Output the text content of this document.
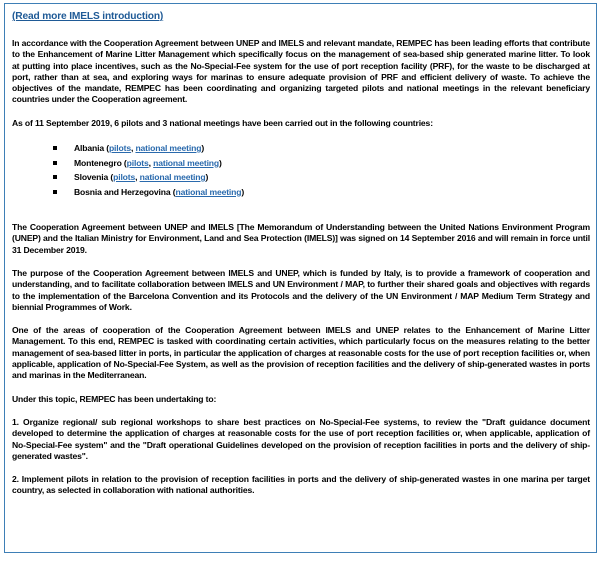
(Read more IMELS introduction)

In accordance with the Cooperation Agreement between UNEP and IMELS and relevant mandate, REMPEC has been leading efforts that contribute to the Enhancement of Marine Litter Management which specifically focus on the management of sea-based ship generated marine litter. To look at putting into place incentives, such as the No-Special-Fee system for the use of port reception facility (PRF), for the waste to be discharged at port, rather than at sea, and exploring ways for marinas to ensure adequate provision of PRF and efficient delivery of waste. To achieve the objectives of the mandate, REMPEC has been coordinating and organizing targeted pilots and national meetings in the relevant beneficiary countries under the Cooperation agreement.

As of 11 September 2019, 6 pilots and 3 national meetings have been carried out in the following countries:

Albania (pilots, national meeting)
Montenegro (pilots, national meeting)
Slovenia (pilots, national meeting)
Bosnia and Herzegovina (national meeting)

The Cooperation Agreement between UNEP and IMELS [The Memorandum of Understanding between the United Nations Environment Program (UNEP) and the Italian Ministry for Environment, Land and Sea Protection (IMELS)] was signed on 14 September 2016 and will remain in force until 31 December 2019.

The purpose of the Cooperation Agreement between IMELS and UNEP, which is funded by Italy, is to provide a framework of cooperation and understanding, and to facilitate collaboration between IMELS and UN Environment / MAP, to further their shared goals and objectives with regards to the implementation of the Barcelona Convention and its Protocols and the delivery of the UN Environment / MAP Medium Term Strategy and biennial Programmes of Work.

One of the areas of cooperation of the Cooperation Agreement between IMELS and UNEP relates to the Enhancement of Marine Litter Management. To this end, REMPEC is tasked with coordinating certain activities, which particularly focus on the measures relating to the better management of sea-based litter in ports, in particular the application of charges at reasonable costs for the use of port reception facilities or, when applicable, application of No-Special-Fee System, as well as the provision of reception facilities and the delivery of ship-generated wastes in ports and marinas in the Mediterranean.

Under this topic, REMPEC has been undertaking to:

1. Organize regional/ sub regional workshops to share best practices on No-Special-Fee systems, to review the "Draft guidance document developed to determine the application of charges at reasonable costs for the use of port reception facilities or, when applicable, application of No-Special-Fee system" and the "Draft operational Guidelines developed on the provision of reception facilities in ports and the delivery of ship-generated wastes".

2. Implement pilots in relation to the provision of reception facilities in ports and the delivery of ship-generated wastes in one marina per target country, as selected in collaboration with national authorities.
